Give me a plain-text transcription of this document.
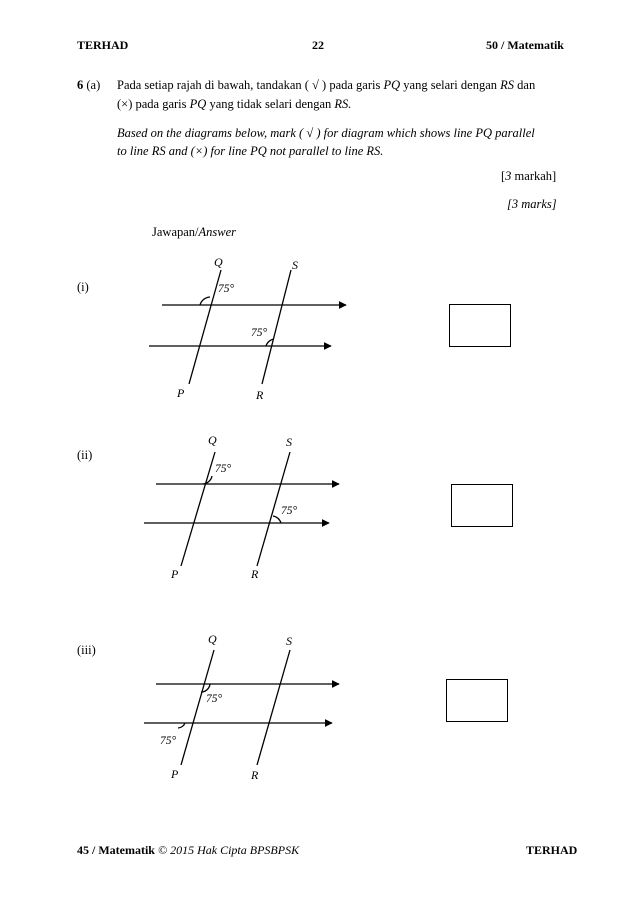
TERHAD	22	50 / Matematik
6 (a) Pada setiap rajah di bawah, tandakan ( √ ) pada garis PQ yang selari dengan RS dan
(×) pada garis PQ yang tidak selari dengan RS.
Based on the diagrams below, mark ( √ ) for diagram which shows line PQ parallel
to line RS and (×) for line PQ not parallel to line RS.
[3 markah]
[3 marks]
Jawapan/Answer
(i)
(ii)
(iii)
Q	S
P	R
75°
75°
Q	S
P	R
75°
75°
Q	S
P	R
75°
75°
45 / Matematik © 2015 Hak Cipta BPSBPSK	TERHAD
